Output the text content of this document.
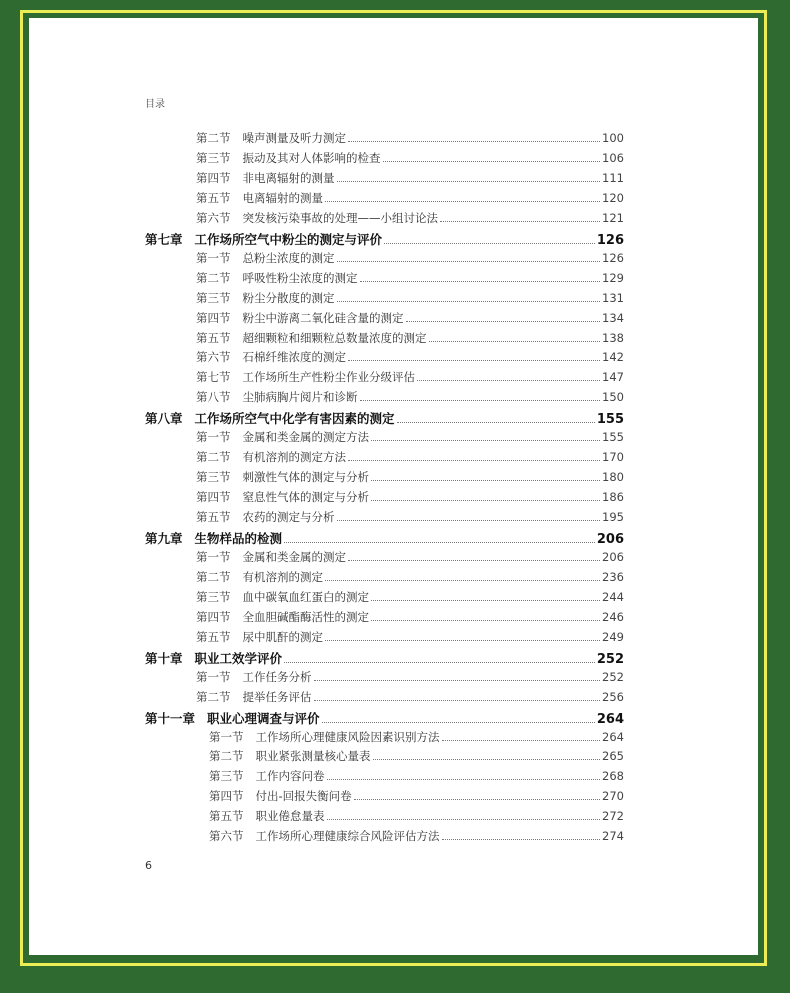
目录
第二节 噪声测量及听力测定	100
第三节 振动及其对人体影响的检查	106
第四节 非电离辐射的测量	111
第五节 电离辐射的测量	120
第六节 突发核污染事故的处理——小组讨论法	121
第七章 工作场所空气中粉尘的测定与评价	126
第一节 总粉尘浓度的测定	126
第二节 呼吸性粉尘浓度的测定	129
第三节 粉尘分散度的测定	131
第四节 粉尘中游离二氧化硅含量的测定	134
第五节 超细颗粒和细颗粒总数量浓度的测定	138
第六节 石棉纤维浓度的测定	142
第七节 工作场所生产性粉尘作业分级评估	147
第八节 尘肺病胸片阅片和诊断	150
第八章 工作场所空气中化学有害因素的测定	155
第一节 金属和类金属的测定方法	155
第二节 有机溶剂的测定方法	170
第三节 刺激性气体的测定与分析	180
第四节 窒息性气体的测定与分析	186
第五节 农药的测定与分析	195
第九章 生物样品的检测	206
第一节 金属和类金属的测定	206
第二节 有机溶剂的测定	236
第三节 血中碳氧血红蛋白的测定	244
第四节 全血胆碱酯酶活性的测定	246
第五节 尿中肌酐的测定	249
第十章 职业工效学评价	252
第一节 工作任务分析	252
第二节 提举任务评估	256
第十一章 职业心理调查与评价	264
第一节 工作场所心理健康风险因素识别方法	264
第二节 职业紧张测量核心量表	265
第三节 工作内容问卷	268
第四节 付出-回报失衡问卷	270
第五节 职业倦怠量表	272
第六节 工作场所心理健康综合风险评估方法	274
6
